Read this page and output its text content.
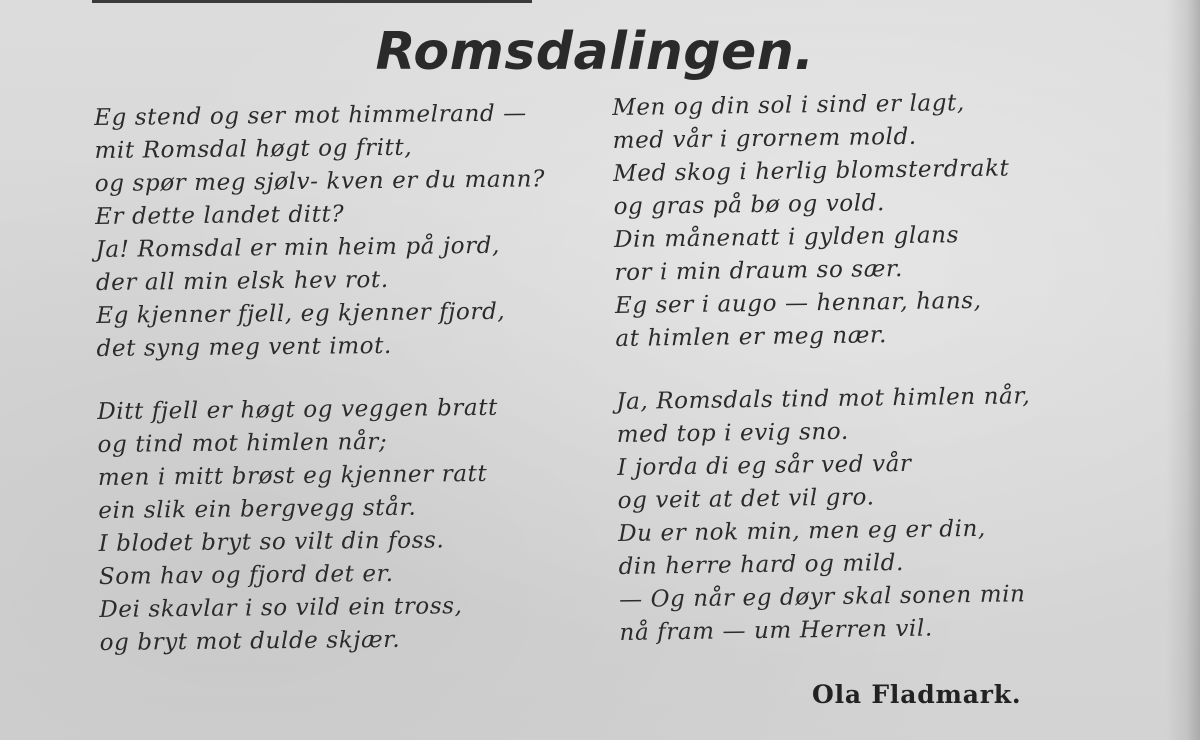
Romsdalingen.
Eg stend og ser mot himmelrand —
mit Romsdal høgt og fritt,
og spør meg sjølv- kven er du mann?
Er dette landet ditt?
Ja! Romsdal er min heim på jord,
der all min elsk hev rot.
Eg kjenner fjell, eg kjenner fjord,
det syng meg vent imot.
Ditt fjell er høgt og veggen bratt
og tind mot himlen når;
men i mitt brøst eg kjenner ratt
ein slik ein bergvegg står.
I blodet bryt so vilt din foss.
Som hav og fjord det er.
Dei skavlar i so vild ein tross,
og bryt mot dulde skjær.
Men og din sol i sind er lagt,
med vår i grornem mold.
Med skog i herlig blomsterdrakt
og gras på bø og vold.
Din månenatt i gylden glans
ror i min draum so sær.
Eg ser i augo — hennar, hans,
at himlen er meg nær.
Ja, Romsdals tind mot himlen når,
med top i evig sno.
I jorda di eg sår ved vår
og veit at det vil gro.
Du er nok min, men eg er din,
din herre hard og mild.
— Og når eg døyr skal sonen min
nå fram — um Herren vil.
Ola Fladmark.
